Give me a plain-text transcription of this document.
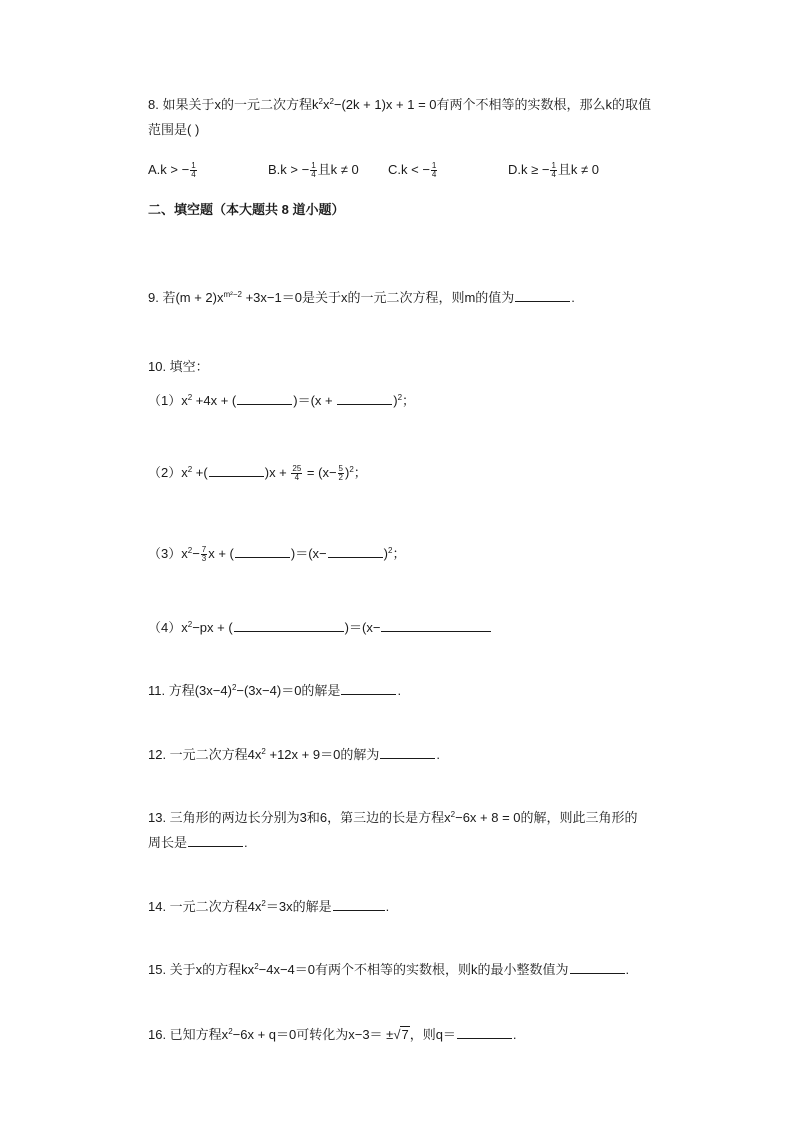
8. 如果关于x的一元二次方程$k^2x^2-(2k + 1)x + 1 = 0$有两个不相等的实数根，那么k的取值
范围是( )
A.k > − $\frac{1}{4}$	B.k > − $\frac{1}{4}$ 且k ≠ 0 C.k < − $\frac{1}{4}$	D.k ≥ − $\frac{1}{4}$ 且k ≠ 0
二、填空题（本大题共 8 道小题）
9. 若$(m + 2)x^{m^2-2} +3x-1=0$是关于x的一元二次方程，则m的值为	.
10. 填空：
$(1)x^2 +4x$ + (	)＝(x +	)$^2$；
$(2)x^2$ +(	)$x + \frac{25}{4} = (x- \frac{5}{2} )^2$；
$(3)x^2- \frac{7}{3}$ x + (	)＝(x−	)$^2$；
$(4)x^2-px$ + (	)＝(x−
11. 方程$(3x-4)^2-(3x-4)=0$的解是	.
12. 一元二次方程$4x^2 +12x + 9=0$的解为	.
13. 三角形的两边长分别为3和6，第三边的长是方程$x^2-6x + 8 = 0$的解，则此三角形的
周长是	.
14. 一元二次方程$4x^2=3x$的解是	.
15. 关于x的方程$kx^2-4x-4=0$有两个不相等的实数根，则k的最小整数值为	.
16. 已知方程$x^2-6x + q=0$可转化为x−3＝ ±√7，则q＝	.
